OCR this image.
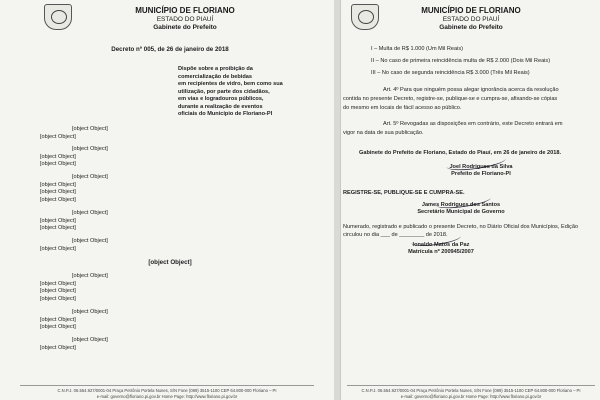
MUNICÍPIO DE FLORIANO
ESTADO DO PIAUÍ
Gabinete do Prefeito
Decreto nº 005, de 26 de janeiro de 2018
Dispõe sobre a proibição da
comercialização de bebidas
em recipientes de vidro, bem como sua
utilização, por parte dos cidadãos,
em vias e logradouros públicos,
durante a realização de eventos
oficiais do Município de Floriano-PI
[object Object]
[object Object]
[object Object]
[object Object]
[object Object]
[object Object]
[object Object]
[object Object]
[object Object]
[object Object]
[object Object]
[object Object]
[object Object]
[object Object]
[object Object]
[object Object]
[object Object]
[object Object]
[object Object]
[object Object]
[object Object]
[object Object]
[object Object]
[object Object]
C.N.P.J. 06.554.927/0001-04 Praça Petrônio Portela Nunes, S/N Fone (089) 3515-1100 CEP 64.800-000 Floriano – PI
e-mail: governo@floriano.pi.gov.br Home Page: http://www.floriano.pi.gov.br
MUNICÍPIO DE FLORIANO
ESTADO DO PIAUÍ
Gabinete do Prefeito
I – Multa de R$ 1.000 (Um Mil Reais)
II – No caso de primeira reincidência multa de R$ 2.000 (Dois Mil Reais)
III – No caso de segunda reincidência R$ 3.000 (Três Mil Reais)
Art. 4º Para que ninguém possa alegar ignorância acerca da resolução
contida no presente Decreto, registre-se, publique-se e cumpra-se, afixando-se cópias
do mesmo em locais de fácil acesso ao público.
Art. 5º Revogadas as disposições em contrário, este Decreto entrará em
vigor na data de sua publicação.
Gabinete do Prefeito de Floriano, Estado do Piauí, em 26 de janeiro de 2018.
Joel Rodrigues da Silva
Prefeito de Floriano-PI
REGISTRE-SE, PUBLIQUE-SE E CUMPRA-SE.
James Rodrigues dos Santos
Secretário Municipal de Governo
Numerado, registrado e publicado o presente Decreto, no Diário Oficial dos Municípios, Edição
circulou no dia ___ de ________ de 2018.
Ionaldo Matos da Paz
Matrícula nº 200945/2007
C.N.P.J. 06.554.927/0001-04 Praça Petrônio Portela Nunes, S/N Fone (089) 3515-1100 CEP 64.800-000 Floriano – PI
e-mail: governo@floriano.pi.gov.br Home Page: http://www.floriano.pi.gov.br
